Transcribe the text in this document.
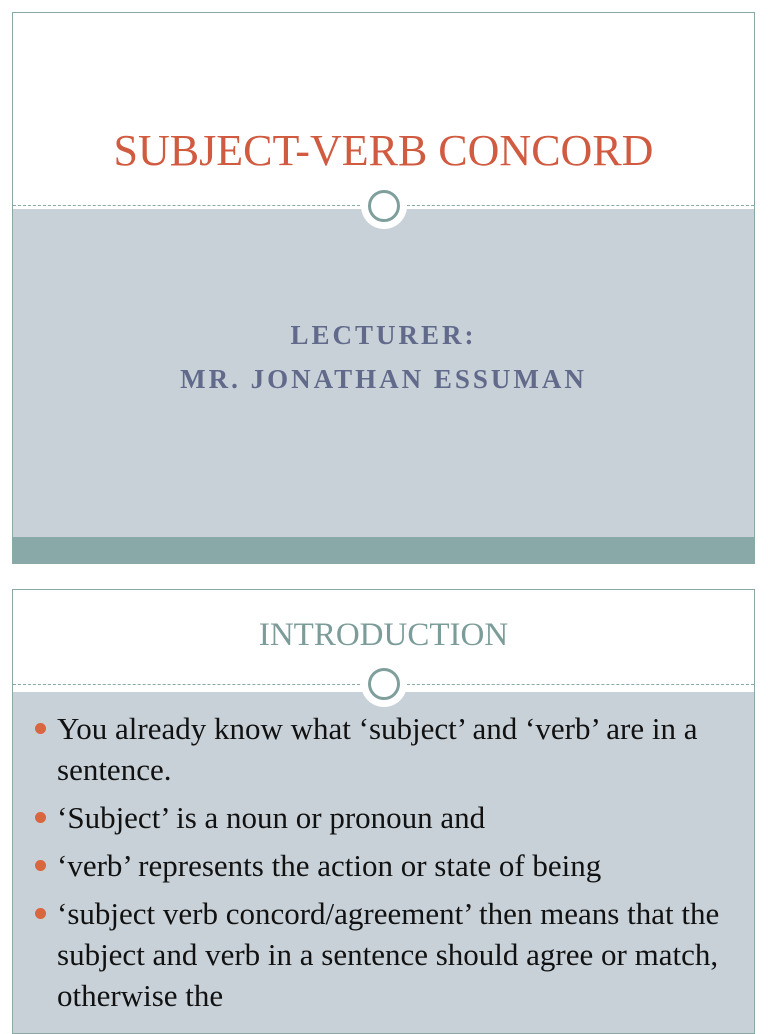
SUBJECT-VERB CONCORD
LECTURER:
MR. JONATHAN ESSUMAN
INTRODUCTION
You already know what ‘subject’ and ‘verb’ are in a sentence.
‘Subject’ is a noun or pronoun and
‘verb’ represents the action or state of being
‘subject verb concord/agreement’ then means that the subject and verb in a sentence should agree or match, otherwise the
